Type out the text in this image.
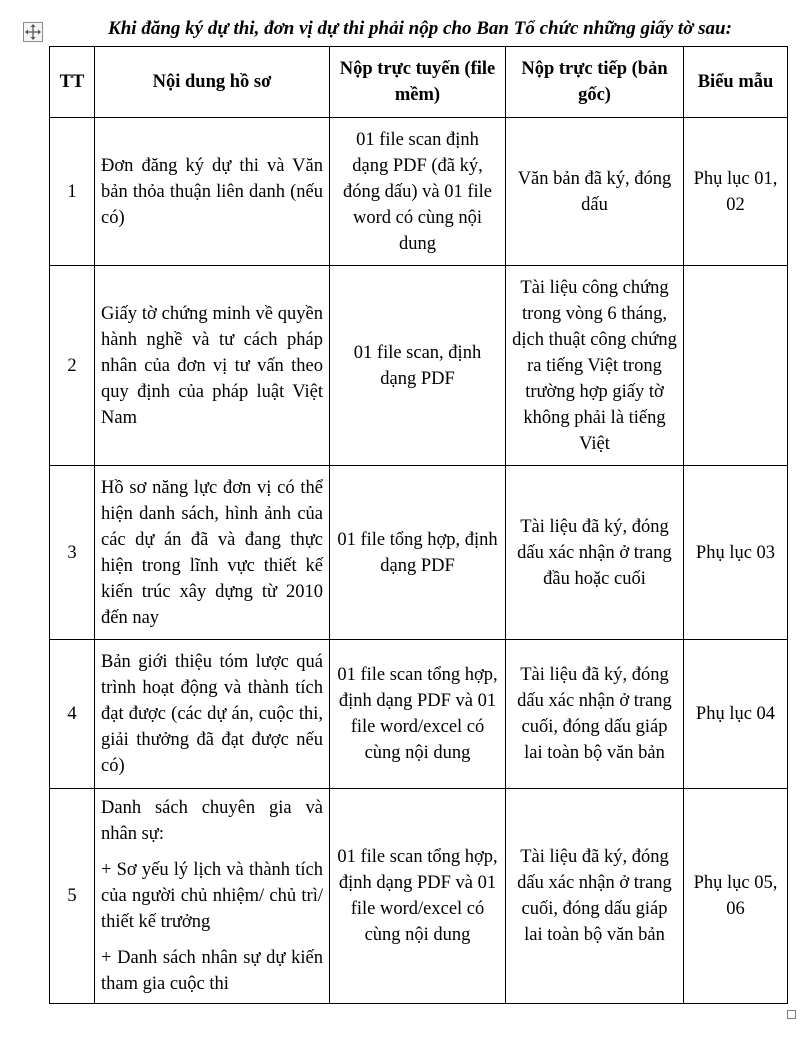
Khi đăng ký dự thi, đơn vị dự thi phải nộp cho Ban Tổ chức những giấy tờ sau:
TT	Nội dung hồ sơ	Nộp trực tuyến (file mềm)	Nộp trực tiếp (bản gốc)	Biểu mẫu
1	Đơn đăng ký dự thi và Văn bản thỏa thuận liên danh (nếu có)	01 file scan định dạng PDF (đã ký, đóng dấu) và 01 file word có cùng nội dung	Văn bản đã ký, đóng dấu	Phụ lục 01, 02
2	Giấy tờ chứng minh về quyền hành nghề và tư cách pháp nhân của đơn vị tư vấn theo quy định của pháp luật Việt Nam	01 file scan, định dạng PDF	Tài liệu công chứng trong vòng 6 tháng, dịch thuật công chứng ra tiếng Việt trong trường hợp giấy tờ không phải là tiếng Việt	
3	Hồ sơ năng lực đơn vị có thể hiện danh sách, hình ảnh của các dự án đã và đang thực hiện trong lĩnh vực thiết kế kiến trúc xây dựng từ 2010 đến nay	01 file tổng hợp, định dạng PDF	Tài liệu đã ký, đóng dấu xác nhận ở trang đầu hoặc cuối	Phụ lục 03
4	Bản giới thiệu tóm lược quá trình hoạt động và thành tích đạt được (các dự án, cuộc thi, giải thưởng đã đạt được nếu có)	01 file scan tổng hợp, định dạng PDF và 01 file word/excel có cùng nội dung	Tài liệu đã ký, đóng dấu xác nhận ở trang cuối, đóng dấu giáp lai toàn bộ văn bản	Phụ lục 04
5	Danh sách chuyên gia và nhân sự:

+ Sơ yếu lý lịch và thành tích của người chủ nhiệm/ chủ trì/ thiết kế trưởng

+ Danh sách nhân sự dự kiến tham gia cuộc thi	01 file scan tổng hợp, định dạng PDF và 01 file word/excel có cùng nội dung	Tài liệu đã ký, đóng dấu xác nhận ở trang cuối, đóng dấu giáp lai toàn bộ văn bản	Phụ lục 05, 06
